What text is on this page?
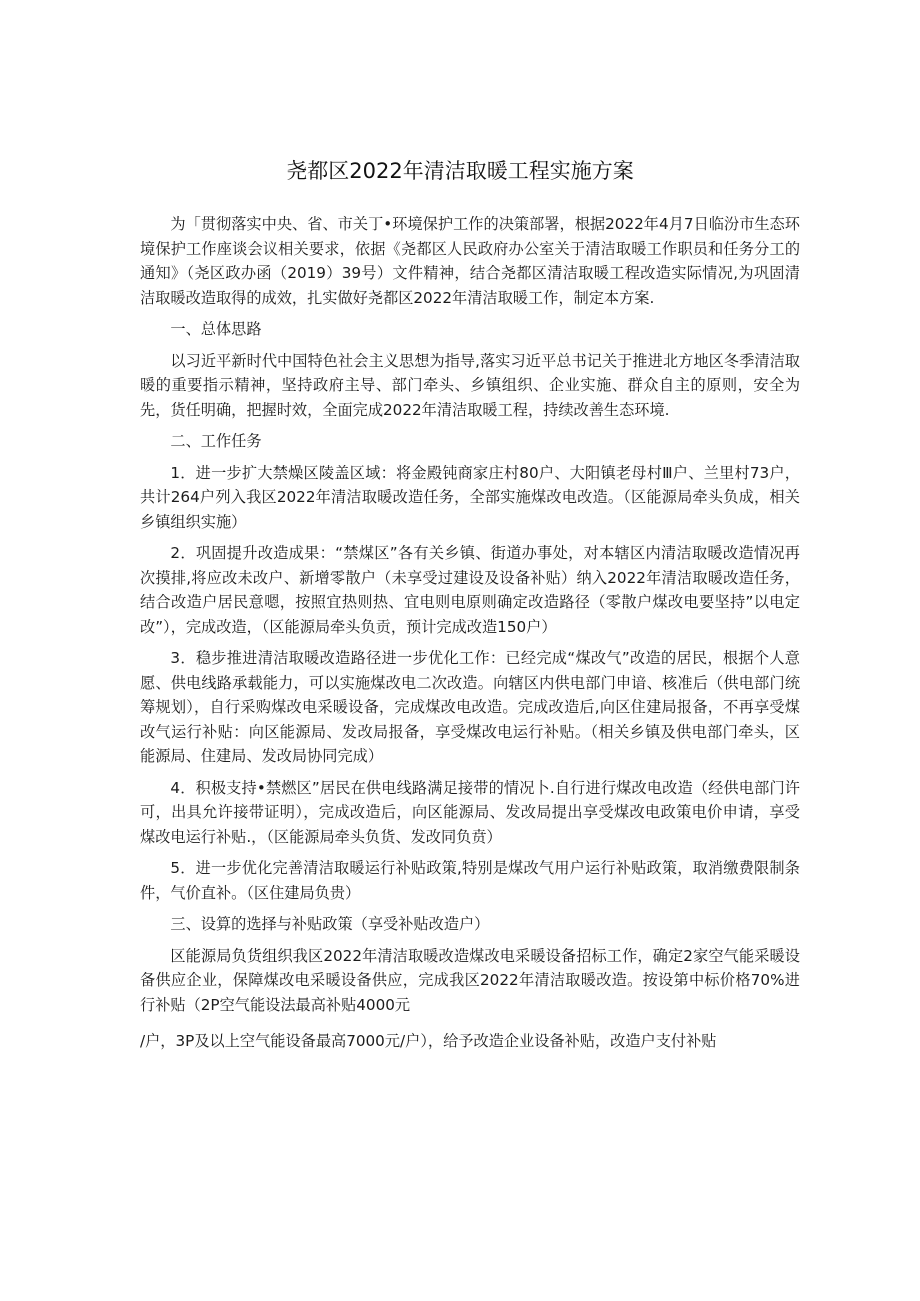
尧都区2022年清洁取暖工程实施方案

为「贯彻落实中央、省、市关丁•环境保护工作的决策部署，根据2022年4月7日临汾市生态环境保护工作座谈会议相关要求，依据《尧都区人民政府办公室关于清洁取暖工作职员和任务分工的通知》（尧区政办函（2019）39号）文件精神，结合尧都区清洁取暖工程改造实际情况,为巩固清洁取暖改造取得的成效，扎实做好尧都区2022年清洁取暖工作，制定本方案.

一、总体思路

以习近平新时代中国特色社会主义思想为指导,落实习近平总书记关于推进北方地区冬季清洁取暖的重要指示精神，坚持政府主导、部门牵头、乡镇组织、企业实施、群众自主的原则，安全为先，货任明确，把握时效，全面完成2022年清洁取暖工程，持续改善生态环境.

二、工作任务

1．进一步扩大禁燥区陵盖区域：将金殿钝商家庄村80户、大阳镇老母村Ⅲ户、兰里村73户，共计264户列入我区2022年清洁取暖改造任务，全部实施煤改电改造。（区能源局牵头负成，相关乡镇组织实施）

2．巩固提升改造成果：“禁煤区”各有关乡镇、街道办事处，对本辖区内清洁取暖改造情况再次摸排,将应改未改户、新增零散户（未享受过建设及设备补贴）纳入2022年清洁取暖改造任务，结合改造户居民意嗯，按照宜热则热、宜电则电原则确定改造路径（零散户煤改电要坚持”以电定改”），完成改造，（区能源局牵头负贡，预计完成改造150户）

3．稳步推进清洁取暖改造路径进一步优化工作：已经完成“煤改气”改造的居民，根据个人意愿、供电线路承载能力，可以实施煤改电二次改造。向辖区内供电部门申谙、核准后（供电部门统筹规划），自行采购煤改电采暖设备，完成煤改电改造。完成改造后,向区住建局报备，不再享受煤改气运行补贴：向区能源局、发改局报备，享受煤改电运行补贴。（相关乡镇及供电部门牵头，区能源局、住建局、发改局协同完成）

4．积极支持•禁燃区”居民在供电线路满足接带的情况卜.自行进行煤改电改造（经供电部门许可，出具允许接带证明），完成改造后，向区能源局、发改局提出享受煤改电政策电价申请，享受煤改电运行补贴.，（区能源局牵头负货、发改同负贲）

5．进一步优化完善清洁取暖运行补贴政策,特别是煤改气用户运行补贴政策，取消缴费限制条件，气价直补。（区住建局负贵）

三、设算的选择与补贴政策（享受补贴改造户）

区能源局负货组织我区2022年清洁取暖改造煤改电采暖设备招标工作，确定2家空气能采暖设备供应企业，保障煤改电采暖设备供应，完成我区2022年清洁取暖改造。按设第中标价格70%进行补贴（2P空气能设法最高补贴4000元

/户，3P及以上空气能设备最高7000元/户），给予改造企业设备补贴，改造户支付补贴
